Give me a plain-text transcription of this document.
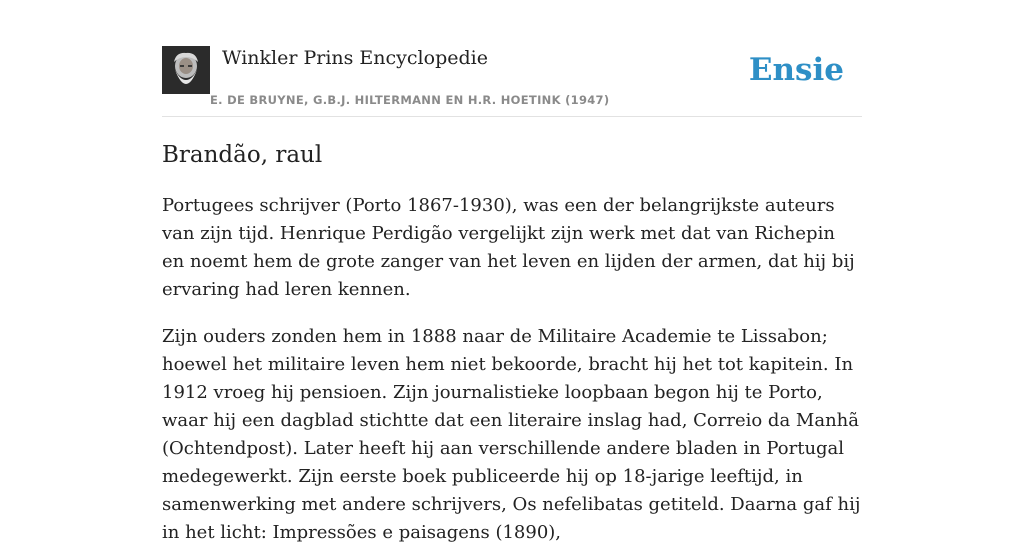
Winkler Prins Encyclopedie
E. DE BRUYNE, G.B.J. HILTERMANN EN H.R. HOETINK (1947)
Ensie
Brandão, raul

Portugees schrijver (Porto 1867-1930), was een der belangrijkste auteurs van zijn tijd. Henrique Perdigão vergelijkt zijn werk met dat van Richepin en noemt hem de grote zanger van het leven en lijden der armen, dat hij bij ervaring had leren kennen.

Zijn ouders zonden hem in 1888 naar de Militaire Academie te Lissabon; hoewel het militaire leven hem niet bekoorde, bracht hij het tot kapitein. In 1912 vroeg hij pensioen. Zijn journalistieke loopbaan begon hij te Porto, waar hij een dagblad stichtte dat een literaire inslag had, Correio da Manhã (Ochtendpost). Later heeft hij aan verschillende andere bladen in Portugal medegewerkt. Zijn eerste boek publiceerde hij op 18-jarige leeftijd, in samenwerking met andere schrijvers, Os nefelibatas getiteld. Daarna gaf hij in het licht: Impressões e paisagens (1890),
